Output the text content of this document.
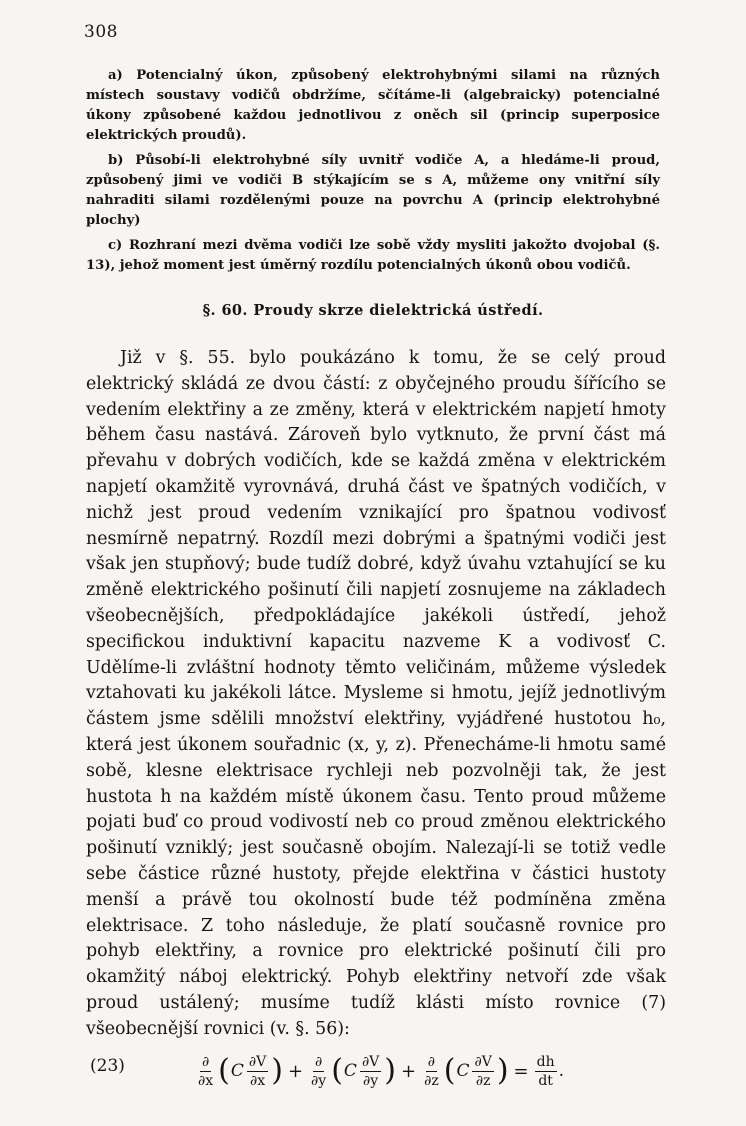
308

a) Potencialný úkon, způsobený elektrohybnými silami na různých místech soustavy vodičů obdržíme, sčítáme-li (algebraicky) potencialné úkony způsobené každou jednotlivou z oněch sil (princip superposice elektrických proudů).

b) Působí-li elektrohybné síly uvnitř vodiče A, a hledáme-li proud, způsobený jimi ve vodiči B stýkajícím se s A, můžeme ony vnitřní síly nahraditi silami rozdělenými pouze na povrchu A (princip elektrohybné plochy)

c) Rozhraní mezi dvěma vodiči lze sobě vždy mysliti jakožto dvojobal (§. 13), jehož moment jest úměrný rozdílu potencialných úkonů obou vodičů.

§. 60. Proudy skrze dielektrická ústředí.

Již v §. 55. bylo poukázáno k tomu, že se celý proud elektrický skládá ze dvou částí: z obyčejného proudu šířícího se vedením elektřiny a ze změny, která v elektrickém napjetí hmoty během času nastává. Zároveň bylo vytknuto, že první část má převahu v dobrých vodičích, kde se každá změna v elektrickém napjetí okamžitě vyrovnává, druhá část ve špatných vodičích, v nichž jest proud vedením vznikající pro špatnou vodivosť nesmírně nepatrný. Rozdíl mezi dobrými a špatnými vodiči jest však jen stupňový; bude tudíž dobré, když úvahu vztahující se ku změně elektrického pošinutí čili napjetí zosnujeme na základech všeobecnějších, předpokládajíce jakékoli ústředí, jehož specifickou induktivní kapacitu nazveme K a vodivosť C. Udělíme-li zvláštní hodnoty těmto veličinám, můžeme výsledek vztahovati ku jakékoli látce. Mysleme si hmotu, jejíž jednotlivým částem jsme sdělili množství elektřiny, vyjádřené hustotou h₀, která jest úkonem souřadnic (x, y, z). Přenecháme-li hmotu samé sobě, klesne elektrisace rychleji neb pozvolněji tak, že jest hustota h na každém místě úkonem času. Tento proud můžeme pojati buď co proud vodivostí neb co proud změnou elektrického pošinutí vzniklý; jest současně obojím. Nalezají-li se totiž vedle sebe částice různé hustoty, přejde elektřina v částici hustoty menší a právě tou okolností bude též podmíněna změna elektrisace. Z toho následuje, že platí současně rovnice pro pohyb elektřiny, a rovnice pro elektrické pošinutí čili pro okamžitý náboj elektrický. Pohyb elektřiny netvoří zde však proud ustálený; musíme tudíž klásti místo rovnice (7) všeobecnější rovnici (v. §. 56):

(23)	$\frac{\partial}{\partial x}$ ( C $\frac{\partial V}{\partial x}$ ) + $\frac{\partial}{\partial y}$ ( C $\frac{\partial V}{\partial y}$ ) + $\frac{\partial}{\partial z}$ ( C $\frac{\partial V}{\partial z}$ ) = $\frac{dh}{dt}$ .
